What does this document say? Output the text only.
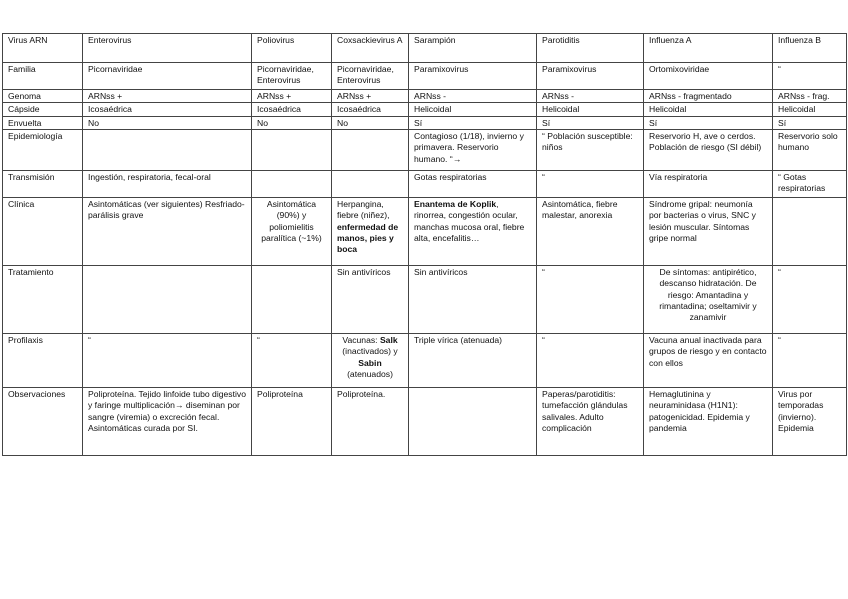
Virus ARN	Enterovirus	Poliovirus	Coxsackievirus A	Sarampión	Parotiditis	Influenza A	Influenza B
Familia	Picornaviridae	Picornaviridae, Enterovirus	Picornaviridae, Enterovirus	Paramixovirus	Paramixovirus	Ortomixoviridae	“
Genoma	ARNss +	ARNss +	ARNss +	ARNss -	ARNss -	ARNss - fragmentado	ARNss - frag.
Cápside	Icosaédrica	Icosaédrica	Icosaédrica	Helicoidal	Helicoidal	Helicoidal	Helicoidal
Envuelta	No	No	No	Sí	Sí	Sí	Sí
Epidemiología				Contagioso (1/18), invierno y primavera. Reservorio humano. “→	“ Población susceptible: niños	Reservorio H, ave o cerdos. Población de riesgo (SI débil)	Reservorio solo humano
Transmisión	Ingestión, respiratoria, fecal-oral			Gotas respiratorias	“	Vía respiratoria	“ Gotas respiratorias
Clínica	Asintomáticas (ver siguientes) Resfriado-parálisis grave	Asintomática (90%) y poliomielitis paralítica (~1%)	Herpangina, fiebre (niñez), enfermedad de manos, pies y boca	Enantema de Koplik, rinorrea, congestión ocular, manchas mucosa oral, fiebre alta, encefalitis…	Asintomática, fiebre malestar, anorexia	Síndrome gripal: neumonía por bacterias o virus, SNC y lesión muscular. Síntomas gripe normal	
Tratamiento			Sin antivíricos	Sin antivíricos	“	De síntomas: antipirético, descanso hidratación. De riesgo: Amantadina y rimantadina; oseltamivir y zanamivir	“
Profilaxis	“	“	Vacunas: Salk (inactivados) y Sabin (atenuados)	Triple vírica (atenuada)	“	Vacuna anual inactivada para grupos de riesgo y en contacto con ellos	“
Observaciones	Poliproteína. Tejido linfoide tubo digestivo y faringe multiplicación→ diseminan por sangre (viremia) o excreción fecal. Asintomáticas curada por SI.	Poliproteína	Poliproteína.		Paperas/parotiditis: tumefacción glándulas salivales. Adulto complicación	Hemaglutinina y neuraminidasa (H1N1): patogenicidad. Epidemia y pandemia	Virus por temporadas (invierno). Epidemia
